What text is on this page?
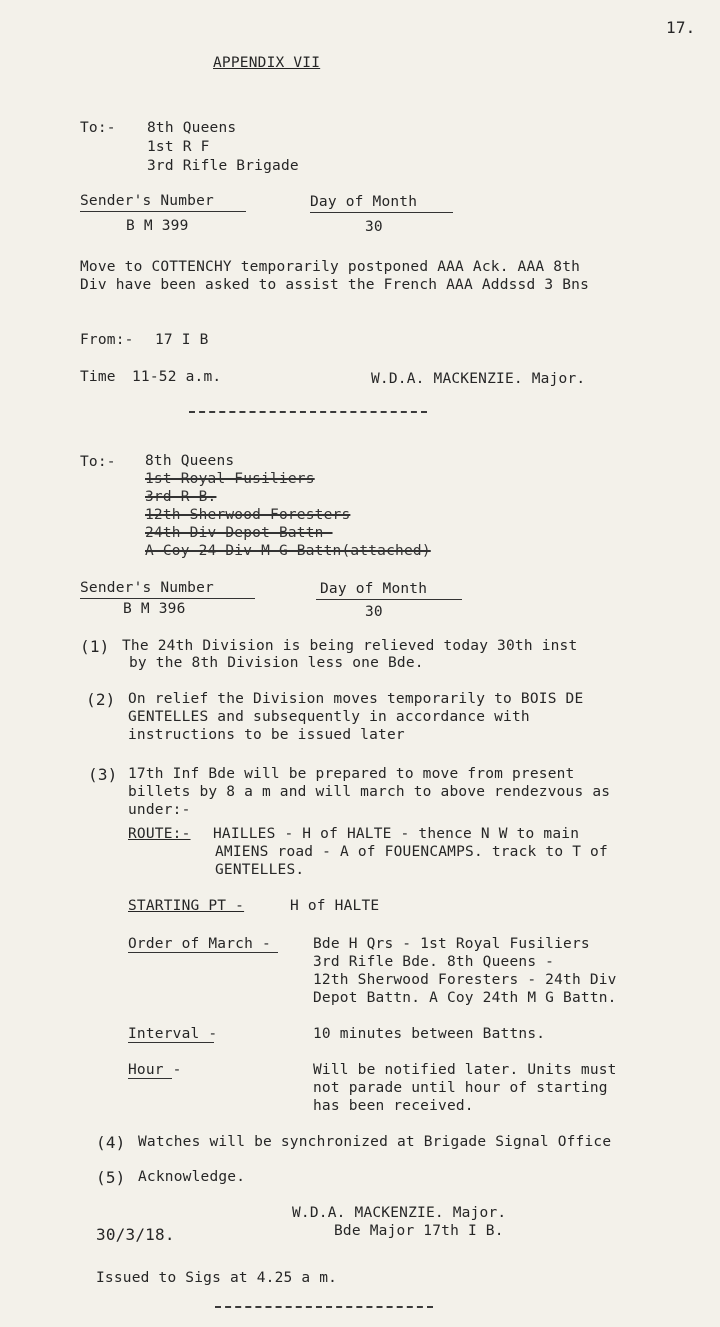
17.
APPENDIX VII
To:- 8th Queens
1st R F
3rd Rifle Brigade
Sender's Number	Day of Month
B M 399	30
Move to COTTENCHY temporarily postponed AAA Ack. AAA 8th
Div have been asked to assist the French AAA Addssd 3 Bns
From:- 17 I B
Time 11-52 a.m.	W.D.A. MACKENZIE. Major.
To:- 8th Queens
1st-Royal-Fusiliers
3rd-R-B.
12th-Sherwood-Foresters
24th-Div-Depot-Battn-
A-Coy-24-Div-M-G-Battn(attached)
Sender's Number	Day of Month
B M 396	30
(1) The 24th Division is being relieved today 30th inst
by the 8th Division less one Bde.
(2) On relief the Division moves temporarily to BOIS DE
GENTELLES and subsequently in accordance with
instructions to be issued later
(3) 17th Inf Bde will be prepared to move from present
billets by 8 a m and will march to above rendezvous as
under:-
ROUTE:- HAILLES - H of HALTE - thence N W to main
AMIENS road - A of FOUENCAMPS. track to T of
GENTELLES.
STARTING PT -	H of HALTE
Order of March -	Bde H Qrs - 1st Royal Fusiliers
3rd Rifle Bde. 8th Queens -
12th Sherwood Foresters - 24th Div
Depot Battn. A Coy 24th M G Battn.
Interval -	10 minutes between Battns.
Hour -	Will be notified later. Units must
not parade until hour of starting
has been received.
(4) Watches will be synchronized at Brigade Signal Office
(5) Acknowledge.
W.D.A. MACKENZIE. Major.
Bde Major 17th I B.
30/3/18.
Issued to Sigs at 4.25 a m.
